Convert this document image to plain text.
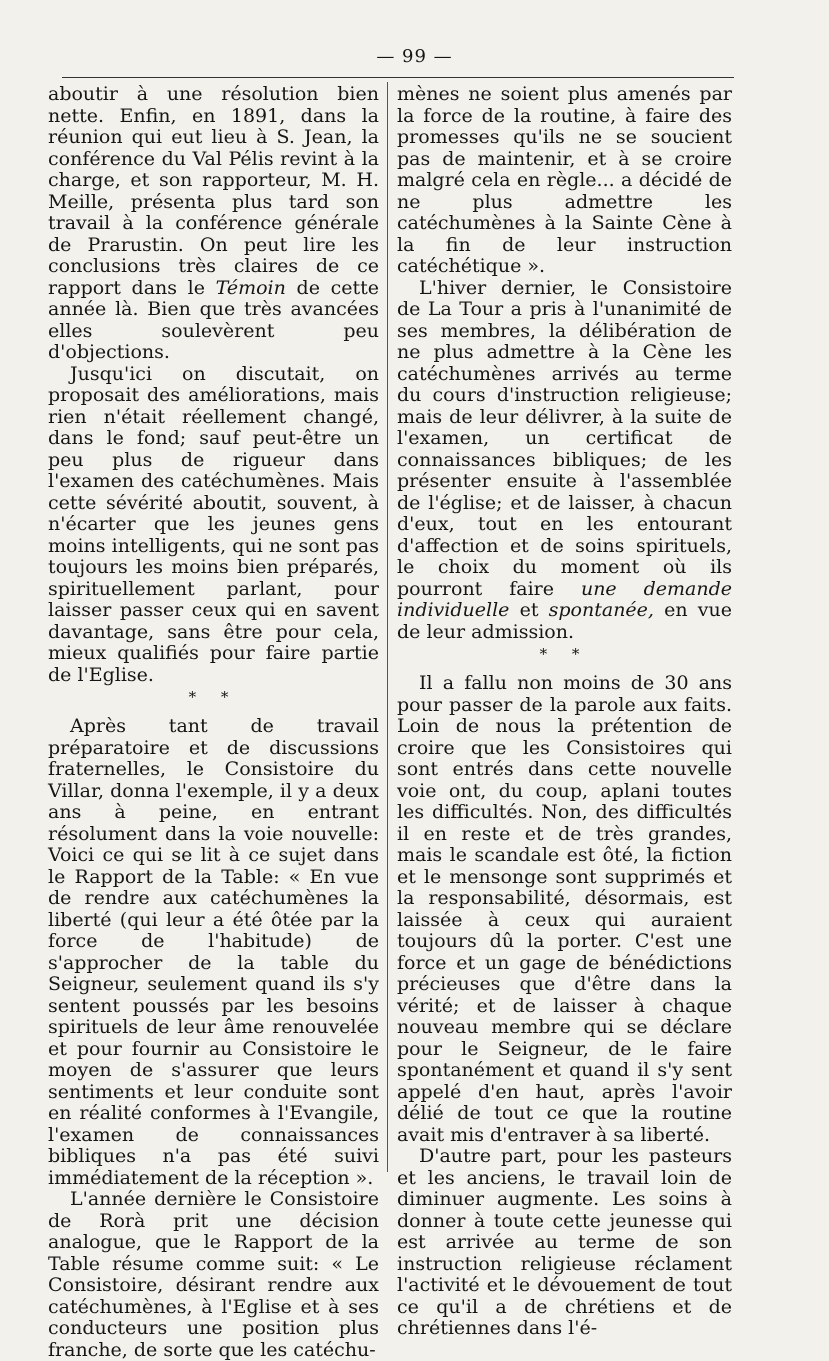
— 99 —

aboutir à une résolution bien nette. Enfin, en 1891, dans la réunion qui eut lieu à S. Jean, la conférence du Val Pélis revint à la charge, et son rapporteur, M. H. Meille, présenta plus tard son travail à la conférence générale de Prarustin. On peut lire les conclusions très claires de ce rapport dans le Témoin de cette année là. Bien que très avancées elles soulevèrent peu d'objections.

Jusqu'ici on discutait, on proposait des améliorations, mais rien n'était réellement changé, dans le fond; sauf peut-être un peu plus de rigueur dans l'examen des catéchumènes. Mais cette sévérité aboutit, souvent, à n'écarter que les jeunes gens moins intelligents, qui ne sont pas toujours les moins bien préparés, spirituellement parlant, pour laisser passer ceux qui en savent davantage, sans être pour cela, mieux qualifiés pour faire partie de l'Eglise.

* *

Après tant de travail préparatoire et de discussions fraternelles, le Consistoire du Villar, donna l'exemple, il y a deux ans à peine, en entrant résolument dans la voie nouvelle: Voici ce qui se lit à ce sujet dans le Rapport de la Table: « En vue de rendre aux catéchumènes la liberté (qui leur a été ôtée par la force de l'habitude) de s'approcher de la table du Seigneur, seulement quand ils s'y sentent poussés par les besoins spirituels de leur âme renouvelée et pour fournir au Consistoire le moyen de s'assurer que leurs sentiments et leur conduite sont en réalité conformes à l'Evangile, l'examen de connaissances bibliques n'a pas été suivi immédiatement de la réception ».

L'année dernière le Consistoire de Rorà prit une décision analogue, que le Rapport de la Table résume comme suit: « Le Consistoire, désirant rendre aux catéchumènes, à l'Eglise et à ses conducteurs une position plus franche, de sorte que les catéchu-

mènes ne soient plus amenés par la force de la routine, à faire des promesses qu'ils ne se soucient pas de maintenir, et à se croire malgré cela en règle... a décidé de ne plus admettre les catéchumènes à la Sainte Cène à la fin de leur instruction catéchétique ».

L'hiver dernier, le Consistoire de La Tour a pris à l'unanimité de ses membres, la délibération de ne plus admettre à la Cène les catéchumènes arrivés au terme du cours d'instruction religieuse; mais de leur délivrer, à la suite de l'examen, un certificat de connaissances bibliques; de les présenter ensuite à l'assemblée de l'église; et de laisser, à chacun d'eux, tout en les entourant d'affection et de soins spirituels, le choix du moment où ils pourront faire une demande individuelle et spontanée, en vue de leur admission.

* *

Il a fallu non moins de 30 ans pour passer de la parole aux faits. Loin de nous la prétention de croire que les Consistoires qui sont entrés dans cette nouvelle voie ont, du coup, aplani toutes les difficultés. Non, des difficultés il en reste et de très grandes, mais le scandale est ôté, la fiction et le mensonge sont supprimés et la responsabilité, désormais, est laissée à ceux qui auraient toujours dû la porter. C'est une force et un gage de bénédictions précieuses que d'être dans la vérité; et de laisser à chaque nouveau membre qui se déclare pour le Seigneur, de le faire spontanément et quand il s'y sent appelé d'en haut, après l'avoir délié de tout ce que la routine avait mis d'entraver à sa liberté.

D'autre part, pour les pasteurs et les anciens, le travail loin de diminuer augmente. Les soins à donner à toute cette jeunesse qui est arrivée au terme de son instruction religieuse réclament l'activité et le dévouement de tout ce qu'il a de chrétiens et de chrétiennes dans l'é-
